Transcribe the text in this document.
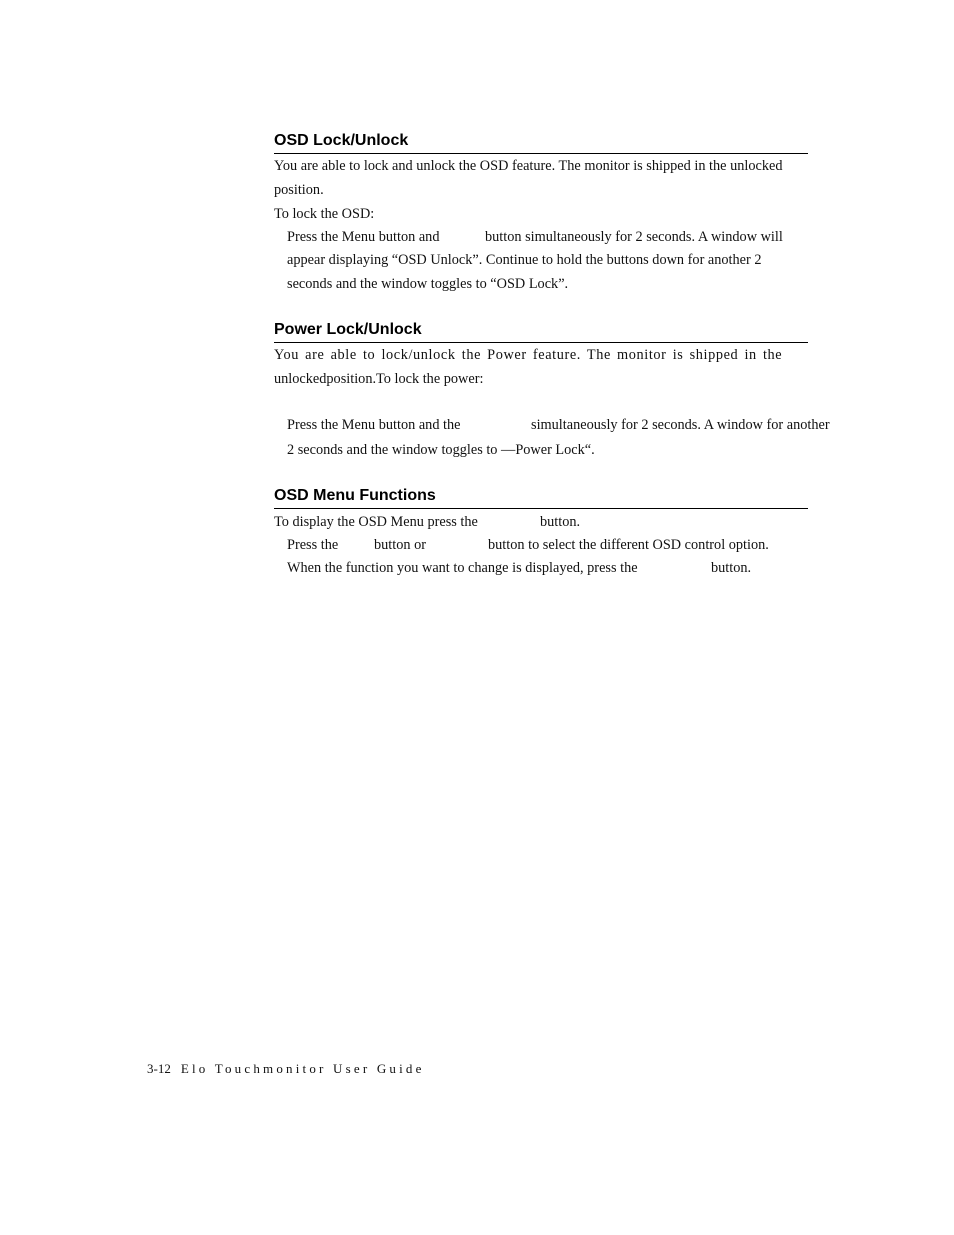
OSD Lock/Unlock
You are able to lock and unlock the OSD feature. The monitor is shipped in the unlocked
position.
To lock the OSD:
Press the Menu button and	button simultaneously for 2 seconds. A window will
appear displaying “OSD Unlock”. Continue to hold the buttons down for another 2
seconds and the window toggles to “OSD Lock”.
Power Lock/Unlock
You are able to lock/unlock the Power feature. The monitor is shipped in the
unlockedposition.To lock the power:
Press the Menu button and the	simultaneously for 2 seconds. A window for another
2 seconds and the window toggles to —Power Lock“.
OSD Menu Functions
To display the OSD Menu press the	button.
Press the	button or	button to select the different OSD control option.
When the function you want to change is displayed, press the	button.
3-12 Elo Touchmonitor User Guide
